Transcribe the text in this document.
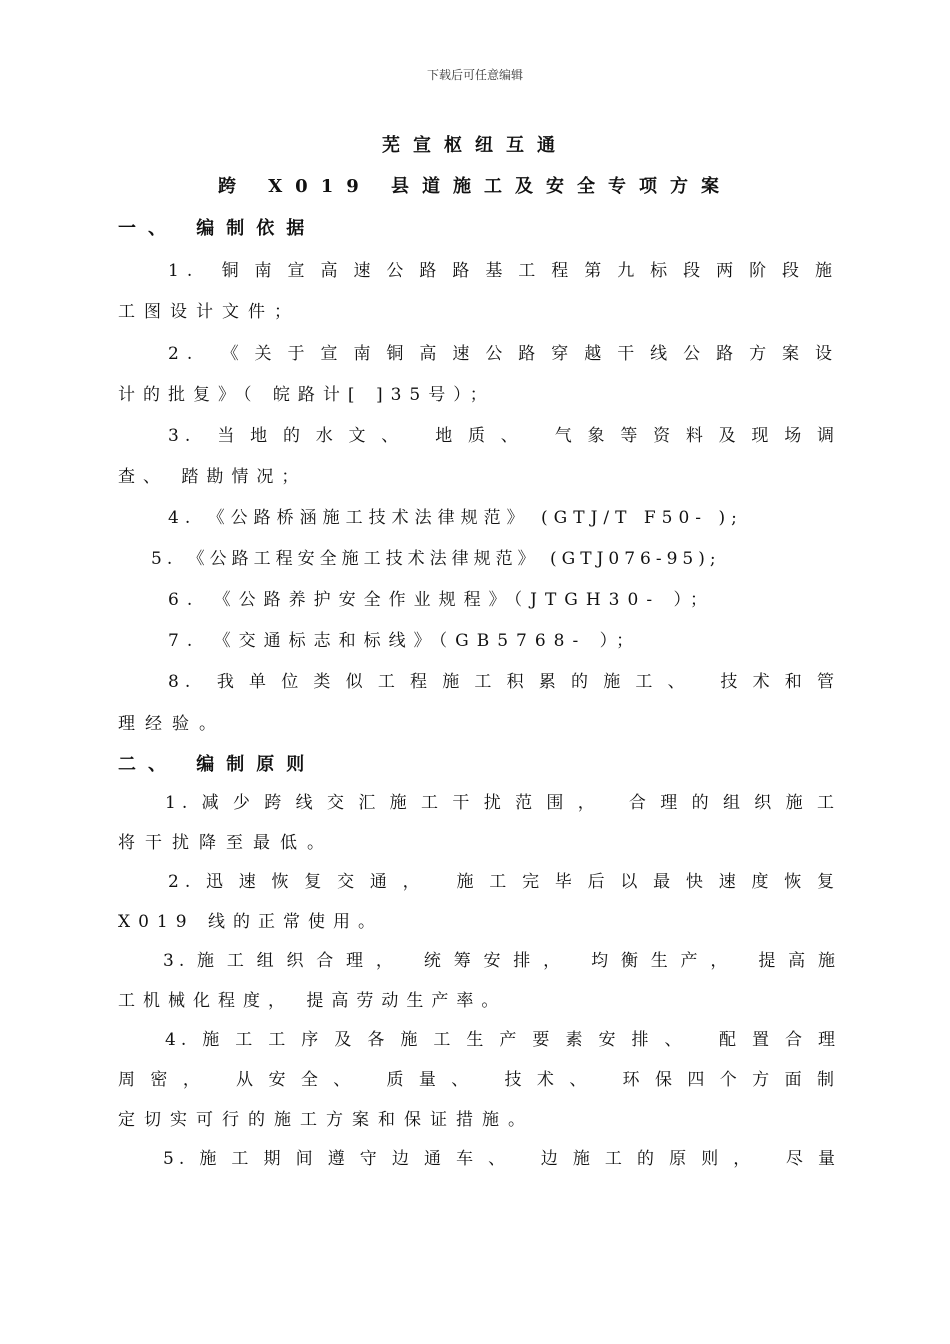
下载后可任意编辑
芜宣枢纽互通
跨 X019 县道施工及安全专项方案
一、 编制依据
1. 铜南宣高速公路路基工程第九标段两阶段施
工图设计文件；
2. 《关于宣南铜高速公路穿越干线公路方案设
计的批复》（ 皖路计[ ]35号）；
3. 当地的水文、 地质、 气象等资料及现场调
查、 踏勘情况；
4. 《公路桥涵施工技术法律规范》 (GTJ/T F50- );
5. 《公路工程安全施工技术法律规范》 (GTJ076-95);
6. 《公路养护安全作业规程》（JTGH30- ）；
7. 《交通标志和标线》（GB5768- ）；
8. 我单位类似工程施工积累的施工、 技术和管
理经验。
二、 编制原则
1.减少跨线交汇施工干扰范围， 合理的组织施工
将干扰降至最低。
2.迅速恢复交通， 施工完毕后以最快速度恢复
X019 线的正常使用。
3.施工组织合理， 统筹安排， 均衡生产， 提高施
工机械化程度， 提高劳动生产率。
4.施工工序及各施工生产要素安排、 配置合理
周密， 从安全、 质量、 技术、 环保四个方面制
定切实可行的施工方案和保证措施。
5.施工期间遵守边通车、 边施工的原则， 尽量
